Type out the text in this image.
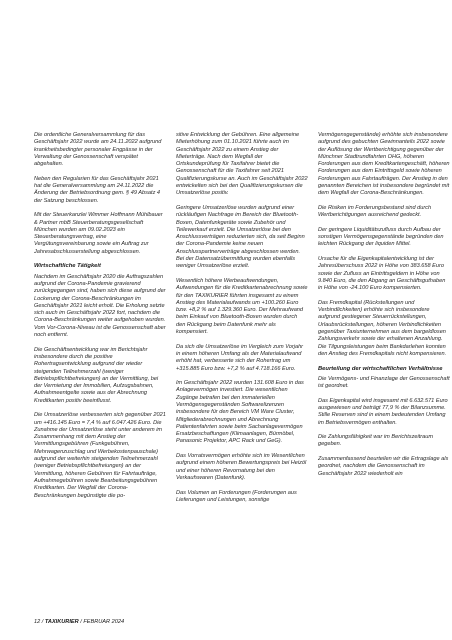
Die ordentliche Generalversammlung für das Geschäftsjahr 2022 wurde am 24.11.2022 aufgrund krankheitsbedingter personaler Engpässe in der Verwaltung der Genossenschaft verspätet abgehalten.

Neben den Regularien für das Geschäftsjahr 2021 hat die Generalversammlung am 24.11.2022 die Änderung der Betriebsordnung gem. § 49 Absatz 4 der Satzung beschlossen.

Mit der Steuerkanzlei Wimmer Hoffmann Mühlbauer & Partner mbB Steuerberatungsgesellschaft München wurden am 09.02.2023 ein Steuerberatungsvertrag, eine Vergütungsvereinbarung sowie ein Auftrag zur Jahresabschlusserstellung abgeschlossen.

Wirtschaftliche Tätigkeit

Nachdem im Geschäftsjahr 2020 die Auftragszahlen aufgrund der Corona-Pandemie gravierend zurückgegangen sind, haben sich diese aufgrund der Lockerung der Corona-Beschränkungen im Geschäftsjahr 2021 leicht erholt. Die Erholung setzte sich auch im Geschäftsjahr 2022 fort, nachdem die Corona-Beschränkungen weiter aufgehoben wurden. Vom Vor-Corona-Niveau ist die Genossenschaft aber noch entfernt.

Die Geschäftsentwicklung war im Berichtsjahr insbesondere durch die positive Rohertragsentwicklung aufgrund der wieder steigenden Teilnehmerzahl (weniger Betriebspflichtbefreiungen) an der Vermittlung, bei der Vermietung der Immobilien, Aufzugsbahnen, Aufnahmeentgelte sowie aus der Abrechnung Kreditkarten positiv beeinflusst.

Die Umsatzerlöse verbesserten sich gegenüber 2021 um +416.145 Euro = 7,4 % auf 6.047.426 Euro. Die Zunahme der Umsatzerlöse steht unter anderem im Zusammenhang mit dem Anstieg der Vermittlungsgebühren (Funkgebühren, Mehrwagenzuschlag und Werbekostenpauschale) aufgrund der weiterhin steigenden Teilnehmerzahl (weniger Betriebspflichtbefreiungen) an der Vermittlung, höheren Gebühren für Fahrtaufträge, Aufnahmegebühren sowie Bearbeitungsgebühren Kreditkarten. Der Wegfall der Corona-Beschränkungen begünstigte die po-

sitive Entwicklung der Gebühren. Eine allgemeine Mieterhöhung zum 01.10.2021 führte auch im Geschäftsjahr 2022 zu einem Anstieg der Mieterträge. Nach dem Wegfall der Ortskundeprüfung für Taxifahrer bietet die Genossenschaft für die Taxifahrer seit 2021 Qualifizierungskurse an. Auch im Geschäftsjahr 2022 entwickelten sich bei den Qualifizierungskursen die Umsatzerlöse positiv.

Geringere Umsatzerlöse wurden aufgrund einer rückläufigen Nachfrage im Bereich der Bluetooth-Boxen, Datenfunkgeräte sowie Zubehör und Teilewerkauf erzielt. Die Umsatzerlöse bei den Anschlussverträgen reduzierten sich, da seit Beginn der Corona-Pandemie keine neuen Anschlusspartnerverträge abgeschlossen werden. Bei der Datensatzübermittlung wurden ebenfalls weniger Umsatzerlöse erzielt.

Wesentlich höhere Werbeaufwendungen, Aufwendungen für die Kreditkartenabrechnung sowie für den TAXIKURIER führten insgesamt zu einem Anstieg des Materialaufwands um +100.260 Euro bzw. +8,2 % auf 1.329.360 Euro. Der Mehraufwand beim Einkauf von Bluetooth-Boxen wurden durch den Rückgang beim Datenfunk mehr als kompensiert.

Da sich die Umsatzerlöse im Vergleich zum Vorjahr in einem höheren Umfang als der Materialaufwand erhöht hat, verbesserte sich der Rohertrag um +315.885 Euro bzw. +7,2 % auf 4.718.166 Euro.

Im Geschäftsjahr 2022 wurden 131.608 Euro in das Anlagevermögen investiert. Die wesentlichen Zugänge betrafen bei den immateriellen Vermögensgegenständen Softwarelizenzen insbesondere für den Bereich VM Ware Cluster, Mitgliederabrechnungen und Abrechnung Patientenfahrten sowie beim Sachanlagevermögen Ersatzbeschaffungen (Klimaanlagen, Bürmöbel, Panasonic Projektor, APC Rack und GeG).

Das Vorratsvermögen erhöhte sich im Wesentlichen aufgrund einem höheren Bewertungspreis bei Heizöl und einer höheren Revornatung bei den Verkaufswaren (Datenfunk).

Das Volumen an Forderungen (Forderungen aus Lieferungen und Leistungen, sonstige

Vermögensgegenstände) erhöhte sich insbesondere aufgrund des gebuchten Gewinnanteils 2022 sowie der Auflösung der Wertberichtigung gegenüber der Münchner Stadtrundfahrten OHG, höheren Forderungen aus dem Kreditkartengeschäft, höheren Forderungen aus dem Eintrittsgeld sowie höheren Forderungen aus Fahrtaufträgen. Der Anstieg in den genannten Bereichen ist insbesondere begründet mit dem Wegfall der Corona-Beschränkungen.

Die Risiken im Forderungsbestand sind durch Wertberichtigungen ausreichend gedeckt.

Der geringere Liquiditätszufluss durch Aufbau der sonstigen Vermögensgegenstände begründen den leichten Rückgang der liquiden Mittel.

Ursache für die Eigenkapitalentwicklung ist der Jahresüberschuss 2022 in Höhe von 383.658 Euro sowie der Zufluss an Eintrittsgeldern in Höhe von 9.840 Euro, die den Abgang an Geschäftsguthaben in Höhe von -24.100 Euro kompensierten.

Das Fremdkapital (Rückstellungen und Verbindlichkeiten) erhöhte sich insbesondere aufgrund gestiegener Steuerrückstellungen, Urlaubsrückstellungen, höheren Verbindlichkeiten gegenüber Taxiunternehmen aus dem bargeldlosen Zahlungsverkehr sowie der erhaltenen Anzahlung. Die Tilgungsleistungen beim Bankdarlehen konnten den Anstieg des Fremdkapitals nicht kompensieren.

Beurteilung der wirtschaftlichen Verhältnisse

Die Vermögens- und Finanzlage der Genossenschaft ist geordnet.

Das Eigenkapital wird insgesamt mit 6.632.571 Euro ausgewiesen und beträgt 77,9 % der Bilanzsumme. Stille Reserven sind in einem bedeutenden Umfang im Betriebsvermögen enthalten.

Die Zahlungsfähigkeit war im Berichtszeitraum gegeben.

Zusammenfassend beurteilen wir die Ertragslage als geordnet, nachdem die Genossenschaft im Geschäftsjahr 2022 wiederholt ein

12 / TAXIKURIER / FEBRUAR 2024
